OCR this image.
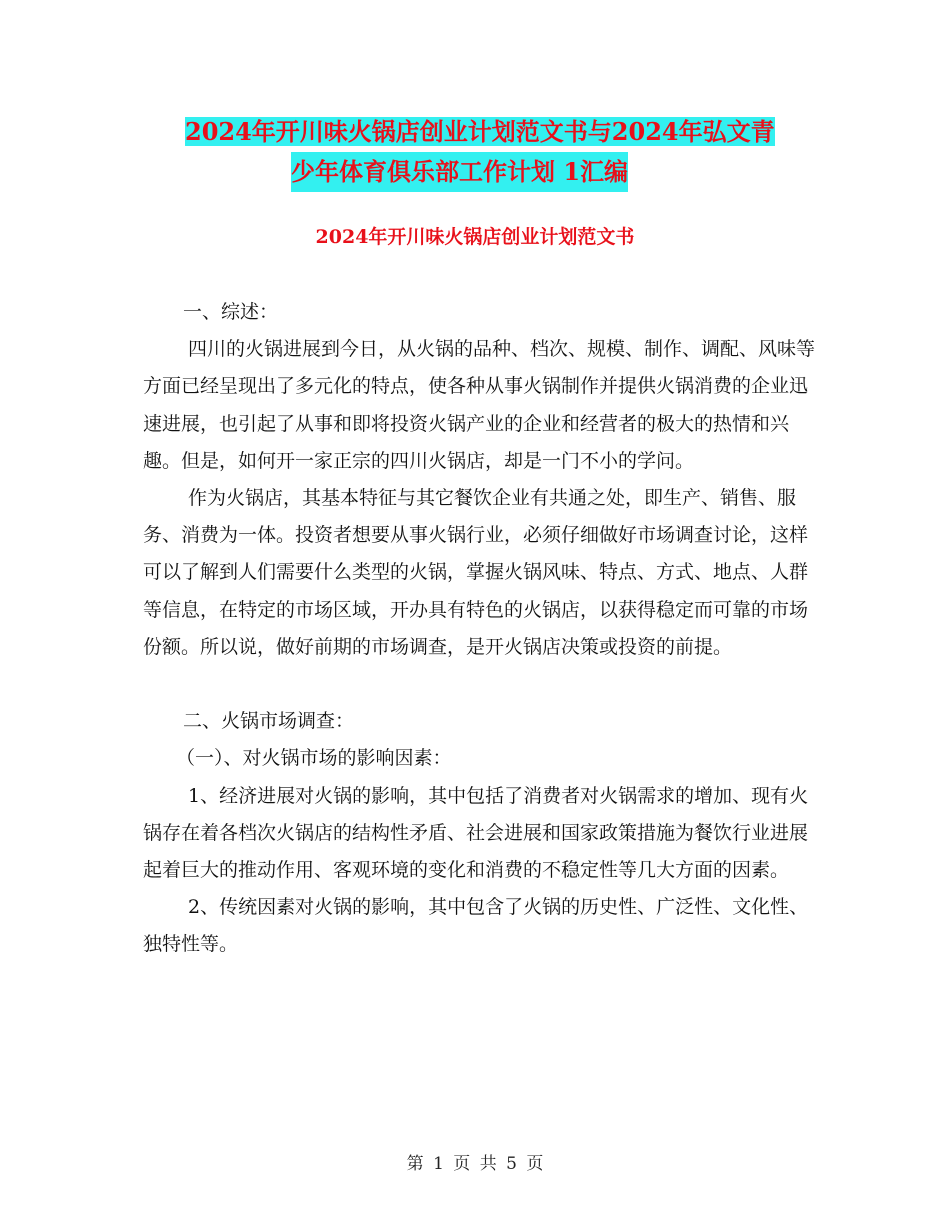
2024年开川味火锅店创业计划范文书与2024年弘文青
少年体育俱乐部工作计划 1汇编
2024年开川味火锅店创业计划范文书

一、综述：

四川的火锅进展到今日，从火锅的品种、档次、规模、制作、调配、风味等方面已经呈现出了多元化的特点，使各种从事火锅制作并提供火锅消费的企业迅速进展，也引起了从事和即将投资火锅产业的企业和经营者的极大的热情和兴趣。但是，如何开一家正宗的四川火锅店，却是一门不小的学问。

作为火锅店，其基本特征与其它餐饮企业有共通之处，即生产、销售、服务、消费为一体。投资者想要从事火锅行业，必须仔细做好市场调查讨论，这样可以了解到人们需要什么类型的火锅，掌握火锅风味、特点、方式、地点、人群等信息，在特定的市场区域，开办具有特色的火锅店，以获得稳定而可靠的市场份额。所以说，做好前期的市场调查，是开火锅店决策或投资的前提。

二、火锅市场调查：

（一）、对火锅市场的影响因素：

1、经济进展对火锅的影响，其中包括了消费者对火锅需求的增加、现有火锅存在着各档次火锅店的结构性矛盾、社会进展和国家政策措施为餐饮行业进展起着巨大的推动作用、客观环境的变化和消费的不稳定性等几大方面的因素。

2、传统因素对火锅的影响，其中包含了火锅的历史性、广泛性、文化性、独特性等。

第 1 页 共 5 页
